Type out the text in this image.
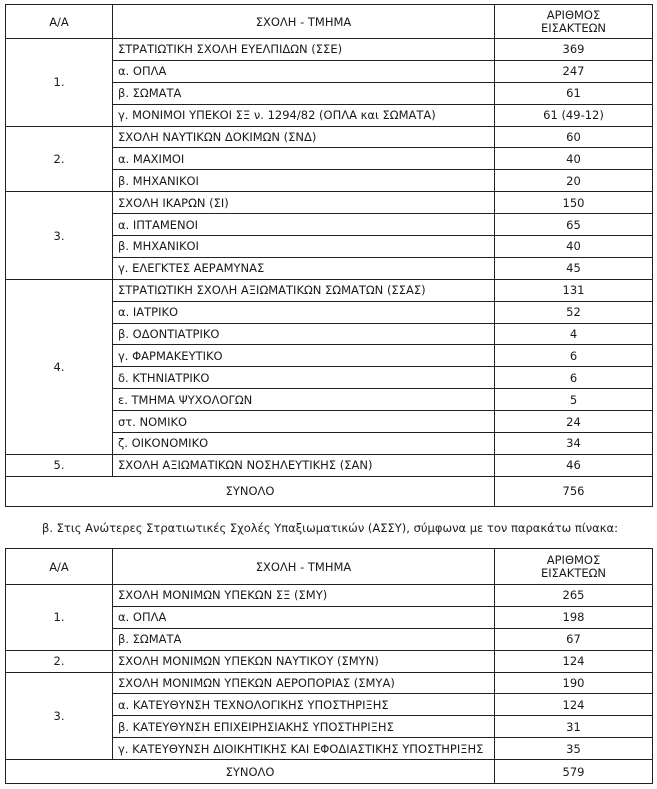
Α/Α	ΣΧΟΛΗ - ΤΜΗΜΑ	ΑΡΙΘΜΟΣ
ΕΙΣΑΚΤΕΩΝ

1.	ΣΤΡΑΤΙΩΤΙΚΗ ΣΧΟΛΗ ΕΥΕΛΠΙΔΩΝ (ΣΣΕ)	369
	α. ΟΠΛΑ	247
	β. ΣΩΜΑΤΑ	61
	γ. ΜΟΝΙΜΟΙ ΥΠΕΚΟΙ ΣΞ ν. 1294/82 (ΟΠΛΑ και ΣΩΜΑΤΑ)	61 (49-12)
2.	ΣΧΟΛΗ ΝΑΥΤΙΚΩΝ ΔΟΚΙΜΩΝ (ΣΝΔ)	60
	α. ΜΑΧΙΜΟΙ	40
	β. ΜΗΧΑΝΙΚΟΙ	20
3.	ΣΧΟΛΗ ΙΚΑΡΩΝ (ΣΙ)	150
	α. ΙΠΤΑΜΕΝΟΙ	65
	β. ΜΗΧΑΝΙΚΟΙ	40
	γ. ΕΛΕΓΚΤΕΣ ΑΕΡΑΜΥΝΑΣ	45
4.	ΣΤΡΑΤΙΩΤΙΚΗ ΣΧΟΛΗ ΑΞΙΩΜΑΤΙΚΩΝ ΣΩΜΑΤΩΝ (ΣΣΑΣ)	131
	α. ΙΑΤΡΙΚΟ	52
	β. ΟΔΟΝΤΙΑΤΡΙΚΟ	4
	γ. ΦΑΡΜΑΚΕΥΤΙΚΟ	6
	δ. ΚΤΗΝΙΑΤΡΙΚΟ	6
	ε. ΤΜΗΜΑ ΨΥΧΟΛΟΓΩΝ	5
	στ. ΝΟΜΙΚΟ	24
	ζ. ΟΙΚΟΝΟΜΙΚΟ	34
5.	ΣΧΟΛΗ ΑΞΙΩΜΑΤΙΚΩΝ ΝΟΣΗΛΕΥΤΙΚΗΣ (ΣΑΝ)	46
ΣΥΝΟΛΟ		756
β. Στις Ανώτερες Στρατιωτικές Σχολές Υπαξιωματικών (ΑΣΣΥ), σύμφωνα με τον παρακάτω πίνακα:
Α/Α	ΣΧΟΛΗ - ΤΜΗΜΑ	ΑΡΙΘΜΟΣ
ΕΙΣΑΚΤΕΩΝ

1.	ΣΧΟΛΗ ΜΟΝΙΜΩΝ ΥΠΕΚΩΝ ΣΞ (ΣΜΥ)	265
	α. ΟΠΛΑ	198
	β. ΣΩΜΑΤΑ	67
2.	ΣΧΟΛΗ ΜΟΝΙΜΩΝ ΥΠΕΚΩΝ ΝΑΥΤΙΚΟΥ (ΣΜΥΝ)	124
3.	ΣΧΟΛΗ ΜΟΝΙΜΩΝ ΥΠΕΚΩΝ ΑΕΡΟΠΟΡΙΑΣ (ΣΜΥΑ)	190
	α. ΚΑΤΕΥΘΥΝΣΗ ΤΕΧΝΟΛΟΓΙΚΗΣ ΥΠΟΣΤΗΡΙΞΗΣ	124
	β. ΚΑΤΕΥΘΥΝΣΗ ΕΠΙΧΕΙΡΗΣΙΑΚΗΣ ΥΠΟΣΤΗΡΙΞΗΣ	31
	γ. ΚΑΤΕΥΘΥΝΣΗ ΔΙΟΙΚΗΤΙΚΗΣ ΚΑΙ ΕΦΟΔΙΑΣΤΙΚΗΣ ΥΠΟΣΤΗΡΙΞΗΣ	35
ΣΥΝΟΛΟ		579
